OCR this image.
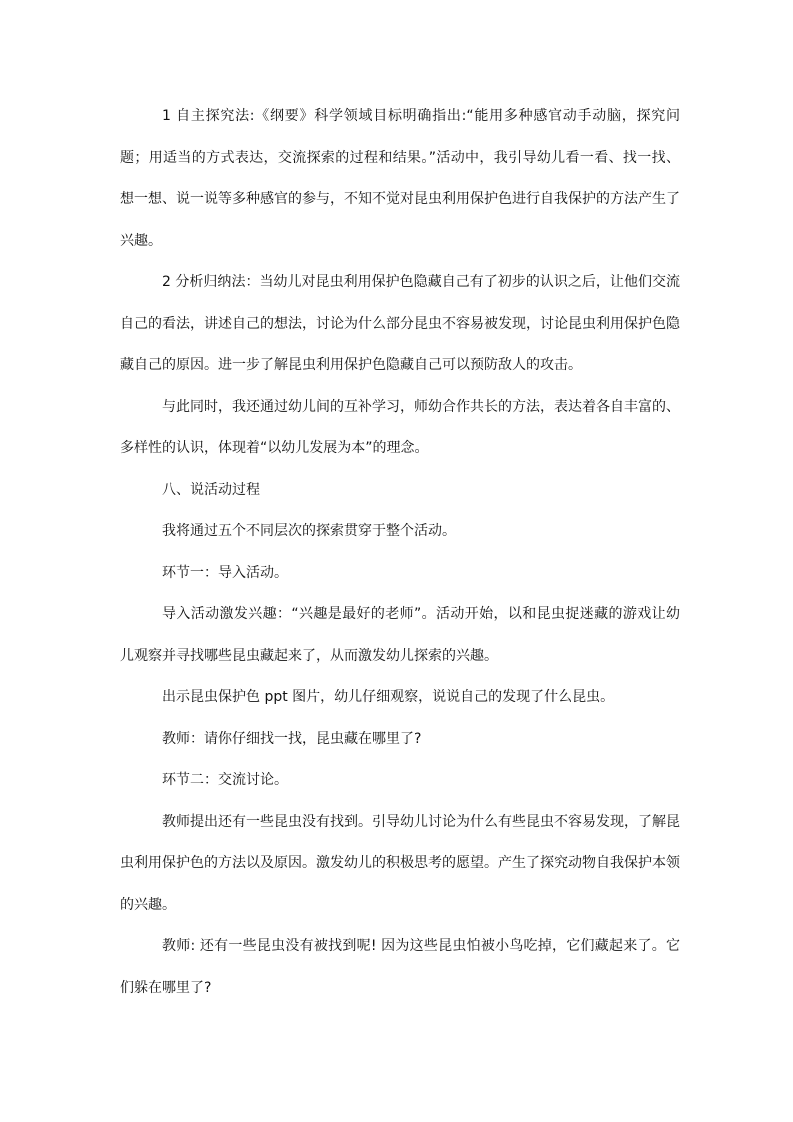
1 自主探究法:《纲要》科学领域目标明确指出:“能用多种感官动手动脑，探究问题；用适当的方式表达，交流探索的过程和结果。”活动中，我引导幼儿看一看、找一找、想一想、说一说等多种感官的参与，不知不觉对昆虫利用保护色进行自我保护的方法产生了兴趣。

2 分析归纳法：当幼儿对昆虫利用保护色隐藏自己有了初步的认识之后，让他们交流自己的看法，讲述自己的想法，讨论为什么部分昆虫不容易被发现，讨论昆虫利用保护色隐藏自己的原因。进一步了解昆虫利用保护色隐藏自己可以预防敌人的攻击。

与此同时，我还通过幼儿间的互补学习，师幼合作共长的方法，表达着各自丰富的、多样性的认识，体现着“以幼儿发展为本”的理念。

八、说活动过程

我将通过五个不同层次的探索贯穿于整个活动。

环节一：导入活动。

导入活动激发兴趣：“兴趣是最好的老师”。活动开始，以和昆虫捉迷藏的游戏让幼儿观察并寻找哪些昆虫藏起来了，从而激发幼儿探索的兴趣。

出示昆虫保护色 ppt 图片，幼儿仔细观察，说说自己的发现了什么昆虫。

教师：请你仔细找一找，昆虫藏在哪里了?

环节二：交流讨论。

教师提出还有一些昆虫没有找到。引导幼儿讨论为什么有些昆虫不容易发现，了解昆虫利用保护色的方法以及原因。激发幼儿的积极思考的愿望。产生了探究动物自我保护本领的兴趣。

教师: 还有一些昆虫没有被找到呢! 因为这些昆虫怕被小鸟吃掉，它们藏起来了。它们躲在哪里了?
